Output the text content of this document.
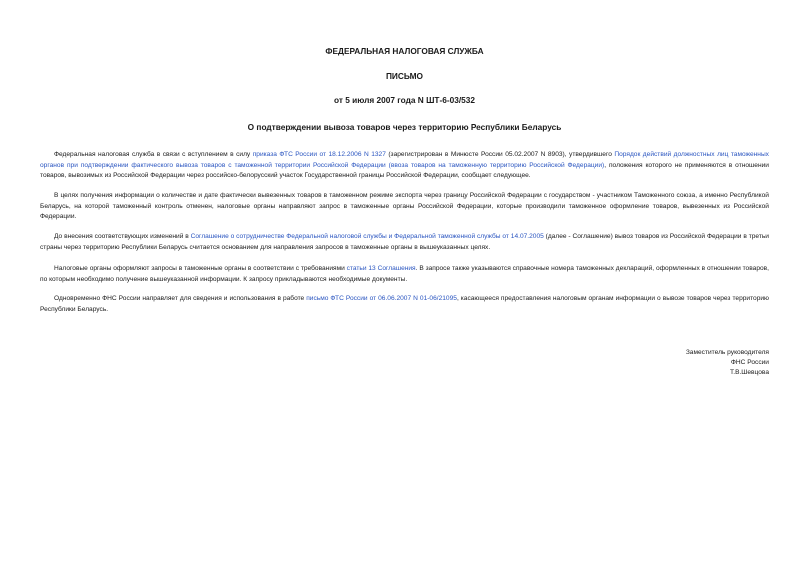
ФЕДЕРАЛЬНАЯ НАЛОГОВАЯ СЛУЖБА

ПИСЬМО

от 5 июля 2007 года N ШТ-6-03/532

О подтверждении вывоза товаров через территорию Республики Беларусь

Федеральная налоговая служба в связи с вступлением в силу приказа ФТС России от 18.12.2006 N 1327 (зарегистрирован в Минюсте России 05.02.2007 N 8903), утвердившего Порядок действий должностных лиц таможенных органов при подтверждении фактического вывоза товаров с таможенной территории Российской Федерации (ввоза товаров на таможенную территорию Российской Федерации), положения которого не применяются в отношении товаров, вывозимых из Российской Федерации через российско-белорусский участок Государственной границы Российской Федерации, сообщает следующее.

В целях получения информации о количестве и дате фактически вывезенных товаров в таможенном режиме экспорта через границу Российской Федерации с государством - участником Таможенного союза, а именно Республикой Беларусь, на которой таможенный контроль отменен, налоговые органы направляют запрос в таможенные органы Российской Федерации, которые производили таможенное оформление товаров, вывезенных из Российской Федерации.

До внесения соответствующих изменений в Соглашение о сотрудничестве Федеральной налоговой службы и Федеральной таможенной службы от 14.07.2005 (далее - Соглашение) вывоз товаров из Российской Федерации в третьи страны через территорию Республики Беларусь считается основанием для направления запросов в таможенные органы в вышеуказанных целях.

Налоговые органы оформляют запросы в таможенные органы в соответствии с требованиями статьи 13 Соглашения. В запросе также указываются справочные номера таможенных деклараций, оформленных в отношении товаров, по которым необходимо получение вышеуказанной информации. К запросу прикладываются необходимые документы.

Одновременно ФНС России направляет для сведения и использования в работе письмо ФТС России от 06.06.2007 N 01-06/21095, касающееся предоставления налоговым органам информации о вывозе товаров через территорию Республики Беларусь.

Заместитель руководителя

ФНС России

Т.В.Шевцова
